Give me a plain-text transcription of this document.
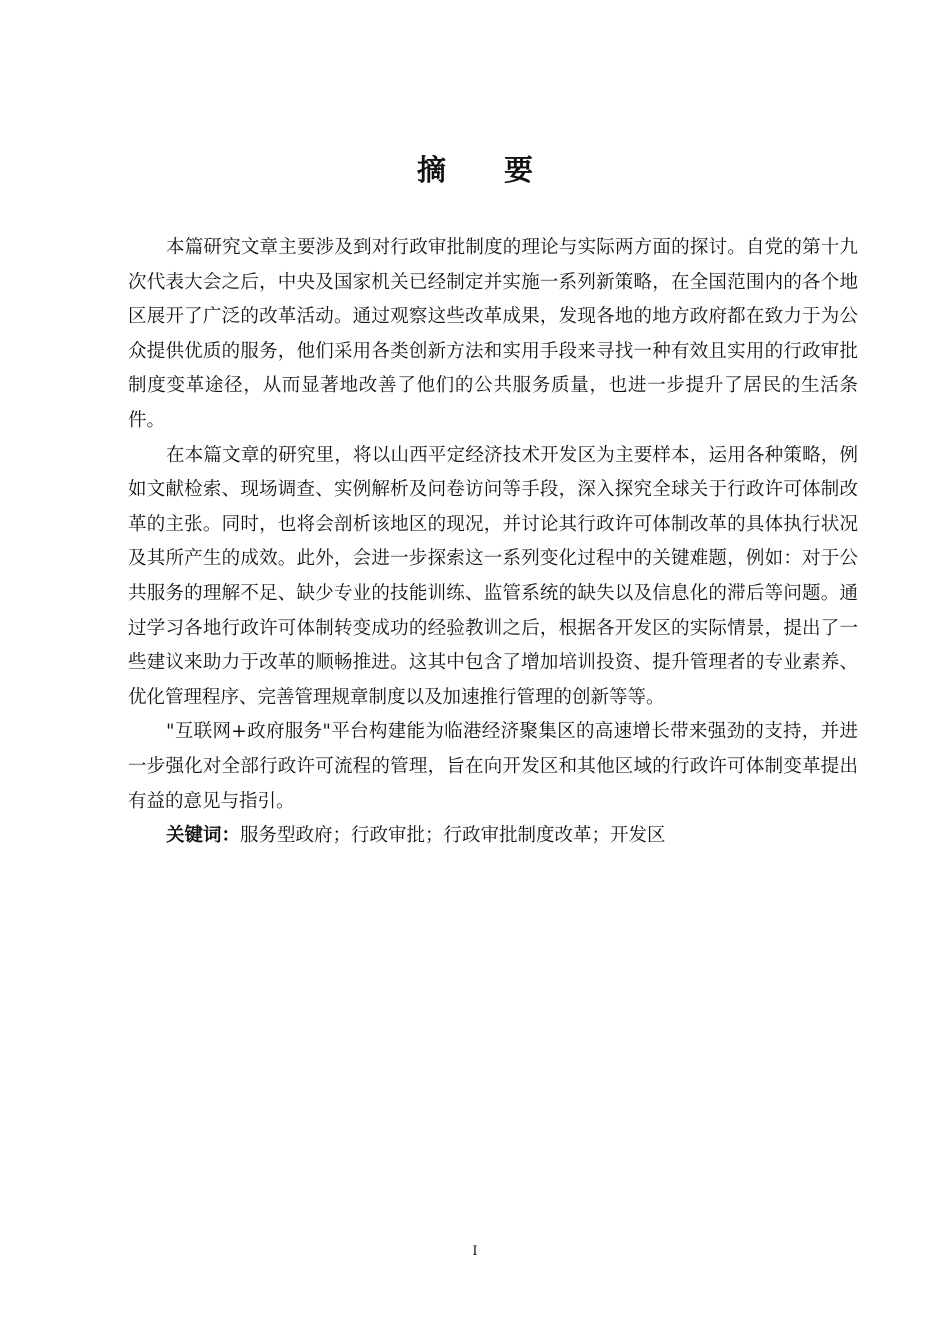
摘 要

本篇研究文章主要涉及到对行政审批制度的理论与实际两方面的探讨。自党的第十九次代表大会之后，中央及国家机关已经制定并实施一系列新策略，在全国范围内的各个地区展开了广泛的改革活动。通过观察这些改革成果，发现各地的地方政府都在致力于为公众提供优质的服务，他们采用各类创新方法和实用手段来寻找一种有效且实用的行政审批制度变革途径，从而显著地改善了他们的公共服务质量，也进一步提升了居民的生活条件。

在本篇文章的研究里，将以山西平定经济技术开发区为主要样本，运用各种策略，例如文献检索、现场调查、实例解析及问卷访问等手段，深入探究全球关于行政许可体制改革的主张。同时，也将会剖析该地区的现况，并讨论其行政许可体制改革的具体执行状况及其所产生的成效。此外，会进一步探索这一系列变化过程中的关键难题，例如：对于公共服务的理解不足、缺少专业的技能训练、监管系统的缺失以及信息化的滞后等问题。通过学习各地行政许可体制转变成功的经验教训之后，根据各开发区的实际情景，提出了一些建议来助力于改革的顺畅推进。这其中包含了增加培训投资、提升管理者的专业素养、优化管理程序、完善管理规章制度以及加速推行管理的创新等等。

"互联网+政府服务"平台构建能为临港经济聚集区的高速增长带来强劲的支持，并进一步强化对全部行政许可流程的管理，旨在向开发区和其他区域的行政许可体制变革提出有益的意见与指引。

关键词：服务型政府；行政审批；行政审批制度改革；开发区

I
